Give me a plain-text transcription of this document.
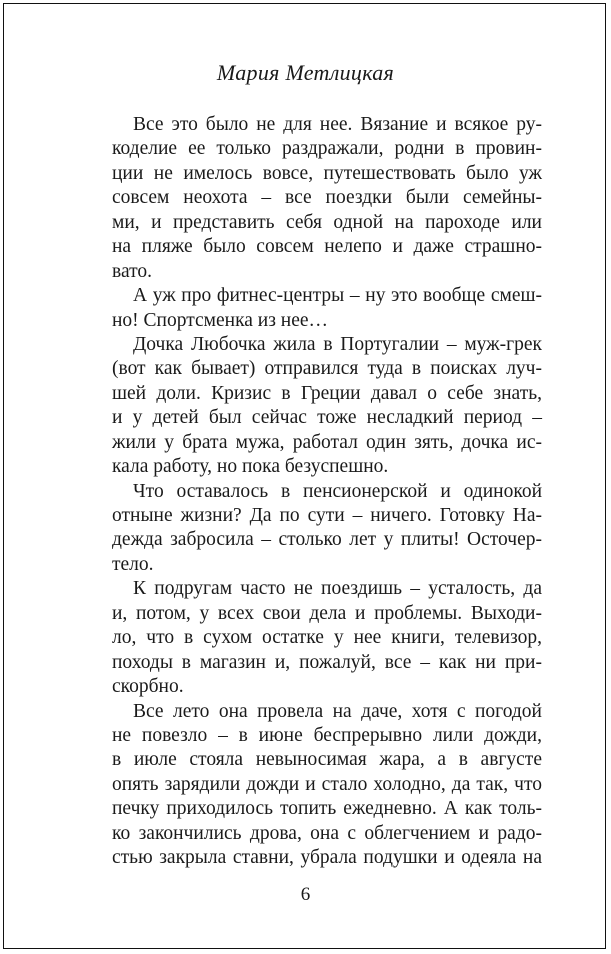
Мария Метлицкая
Все это было не для нее. Вязание и всякое ру-
коделие ее только раздражали, родни в провин-
ции не имелось вовсе, путешествовать было уж
совсем неохота – все поездки были семейны-
ми, и представить себя одной на пароходе или
на пляже было совсем нелепо и даже страшно-
вато.
А уж про фитнес-центры – ну это вообще смеш-
но! Спортсменка из нее…
Дочка Любочка жила в Португалии – муж-грек
(вот как бывает) отправился туда в поисках луч-
шей доли. Кризис в Греции давал о себе знать,
и у детей был сейчас тоже несладкий период –
жили у брата мужа, работал один зять, дочка ис-
кала работу, но пока безуспешно.
Что оставалось в пенсионерской и одинокой
отныне жизни? Да по сути – ничего. Готовку На-
дежда забросила – столько лет у плиты! Осточер-
тело.
К подругам часто не поездишь – усталость, да
и, потом, у всех свои дела и проблемы. Выходи-
ло, что в сухом остатке у нее книги, телевизор,
походы в магазин и, пожалуй, все – как ни при-
скорбно.
Все лето она провела на даче, хотя с погодой
не повезло – в июне беспрерывно лили дожди,
в июле стояла невыносимая жара, а в августе
опять зарядили дожди и стало холодно, да так, что
печку приходилось топить ежедневно. А как толь-
ко закончились дрова, она с облегчением и радо-
стью закрыла ставни, убрала подушки и одеяла на
6
